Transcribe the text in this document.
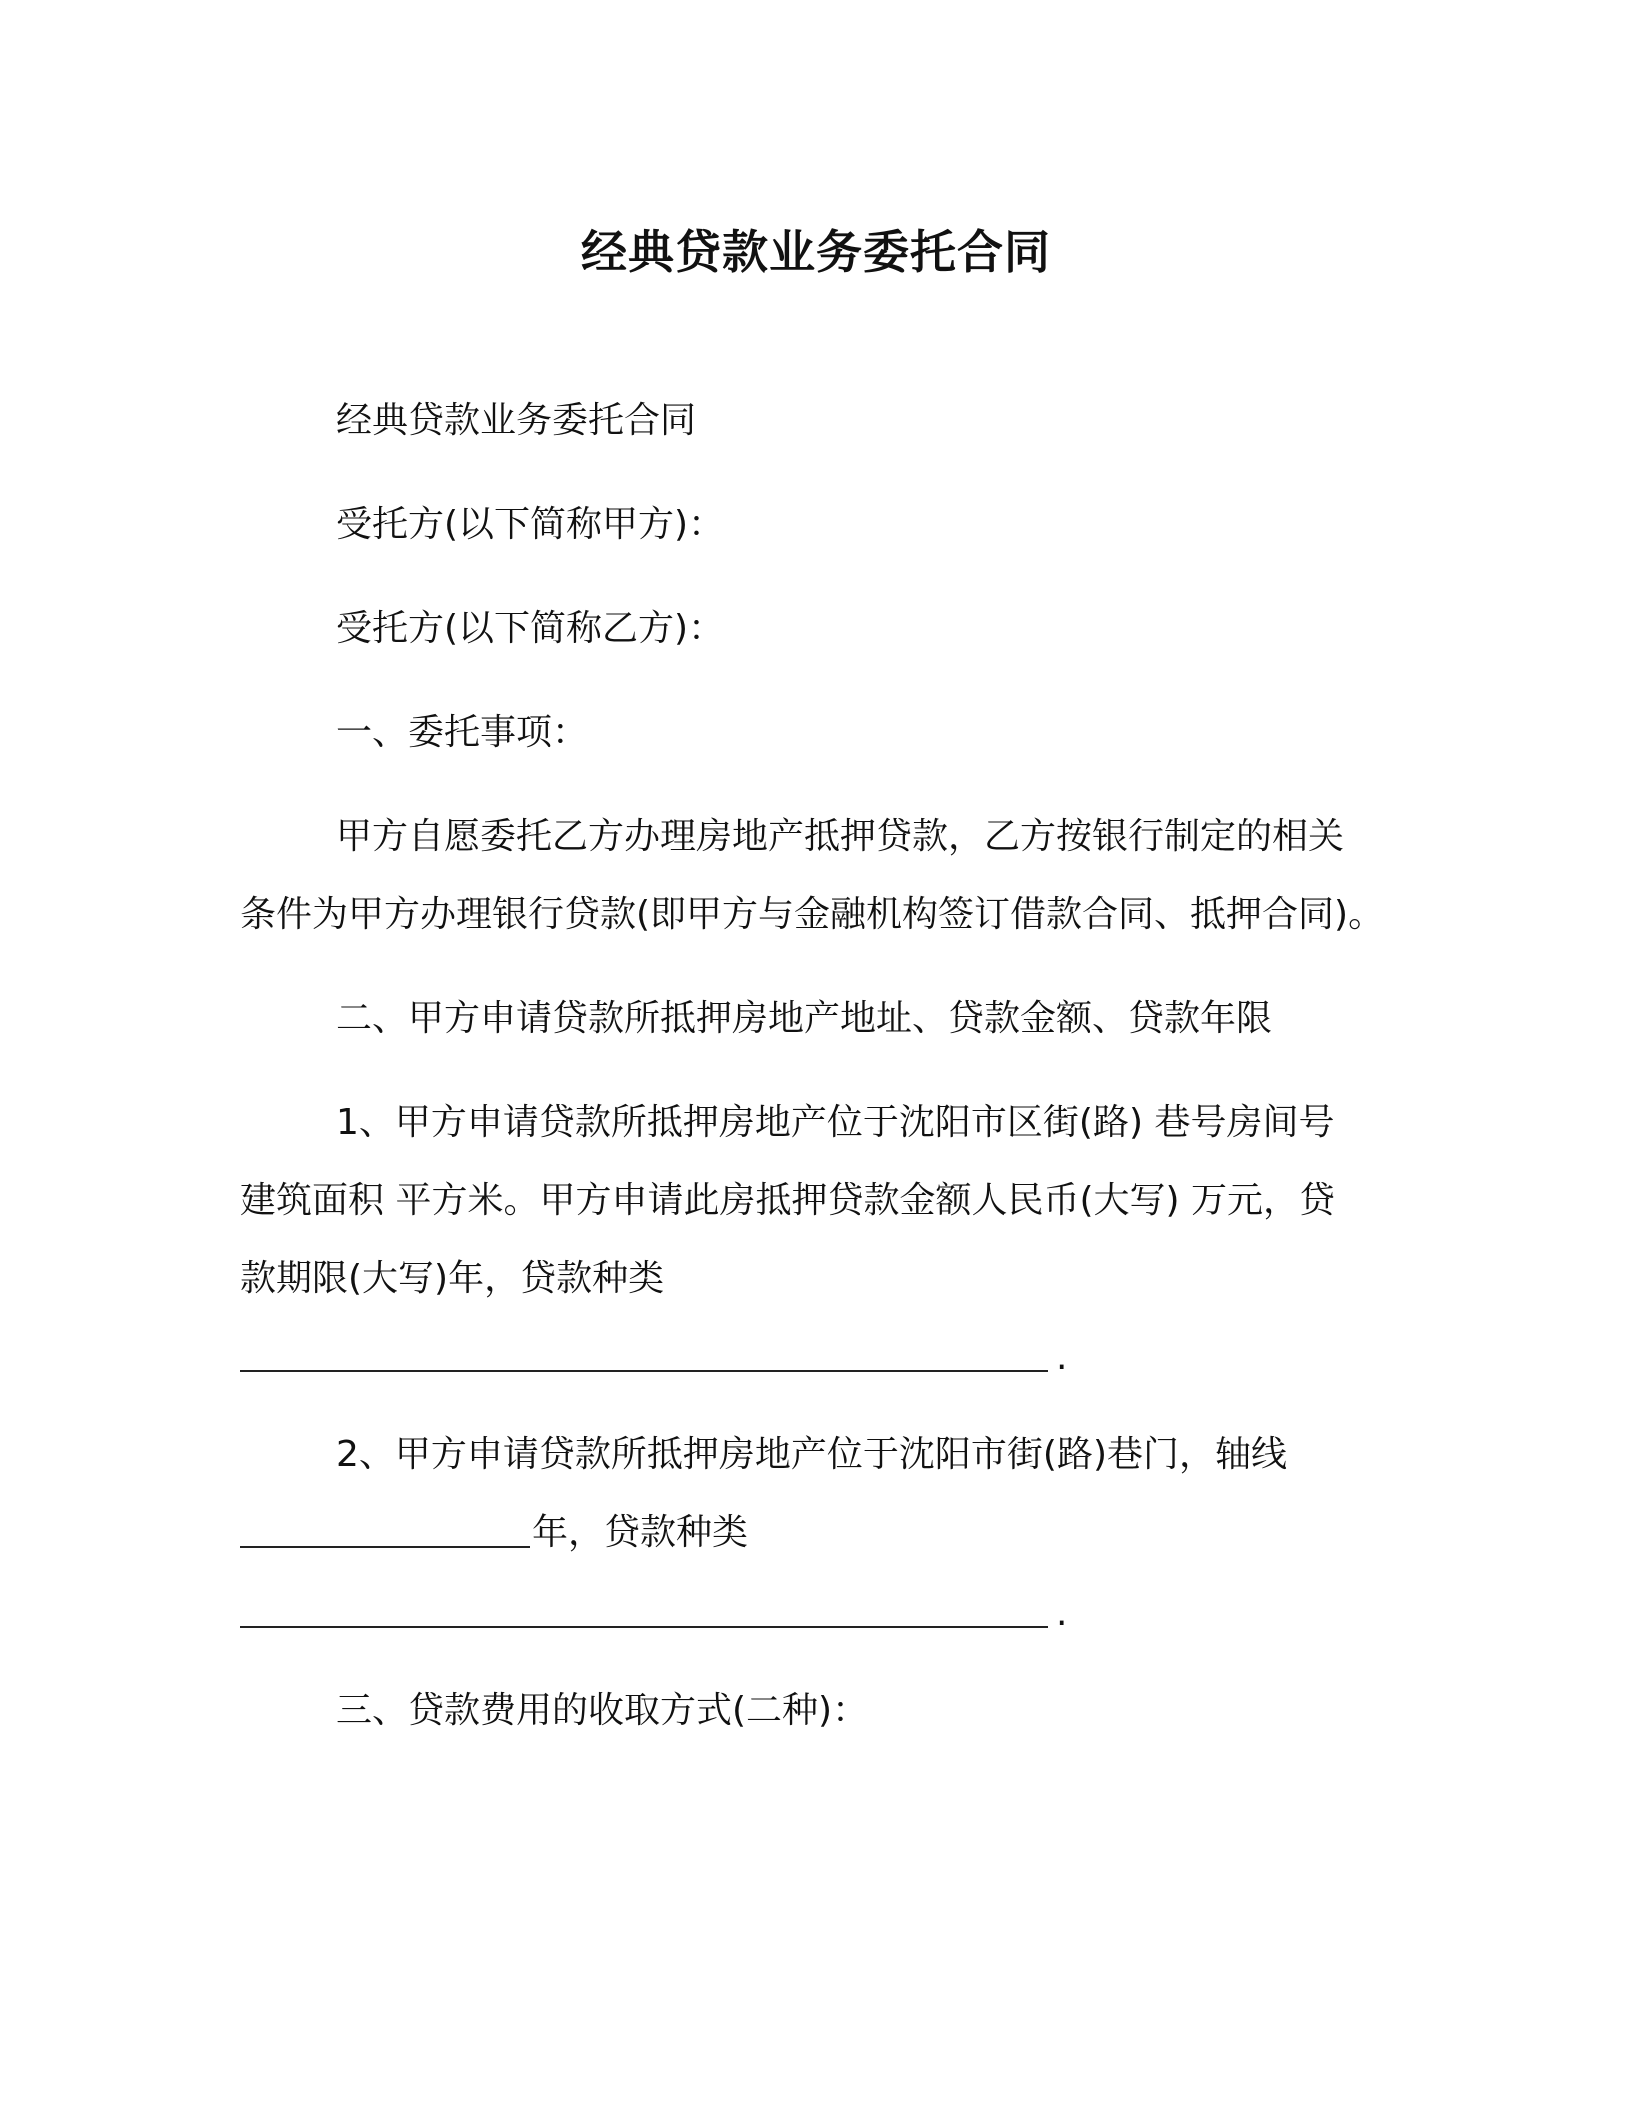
经典贷款业务委托合同

经典贷款业务委托合同

受托方(以下简称甲方)：

受托方(以下简称乙方)：

一、委托事项：

甲方自愿委托乙方办理房地产抵押贷款，乙方按银行制定的相关

条件为甲方办理银行贷款(即甲方与金融机构签订借款合同、抵押合同)。

二、甲方申请贷款所抵押房地产地址、贷款金额、贷款年限

1、甲方申请贷款所抵押房地产位于沈阳市区街(路) 巷号房间号

建筑面积 平方米。甲方申请此房抵押贷款金额人民币(大写) 万元，贷

款期限(大写)年，贷款种类

.

2、甲方申请贷款所抵押房地产位于沈阳市街(路)巷门，轴线

年，贷款种类

.

三、贷款费用的收取方式(二种)：
